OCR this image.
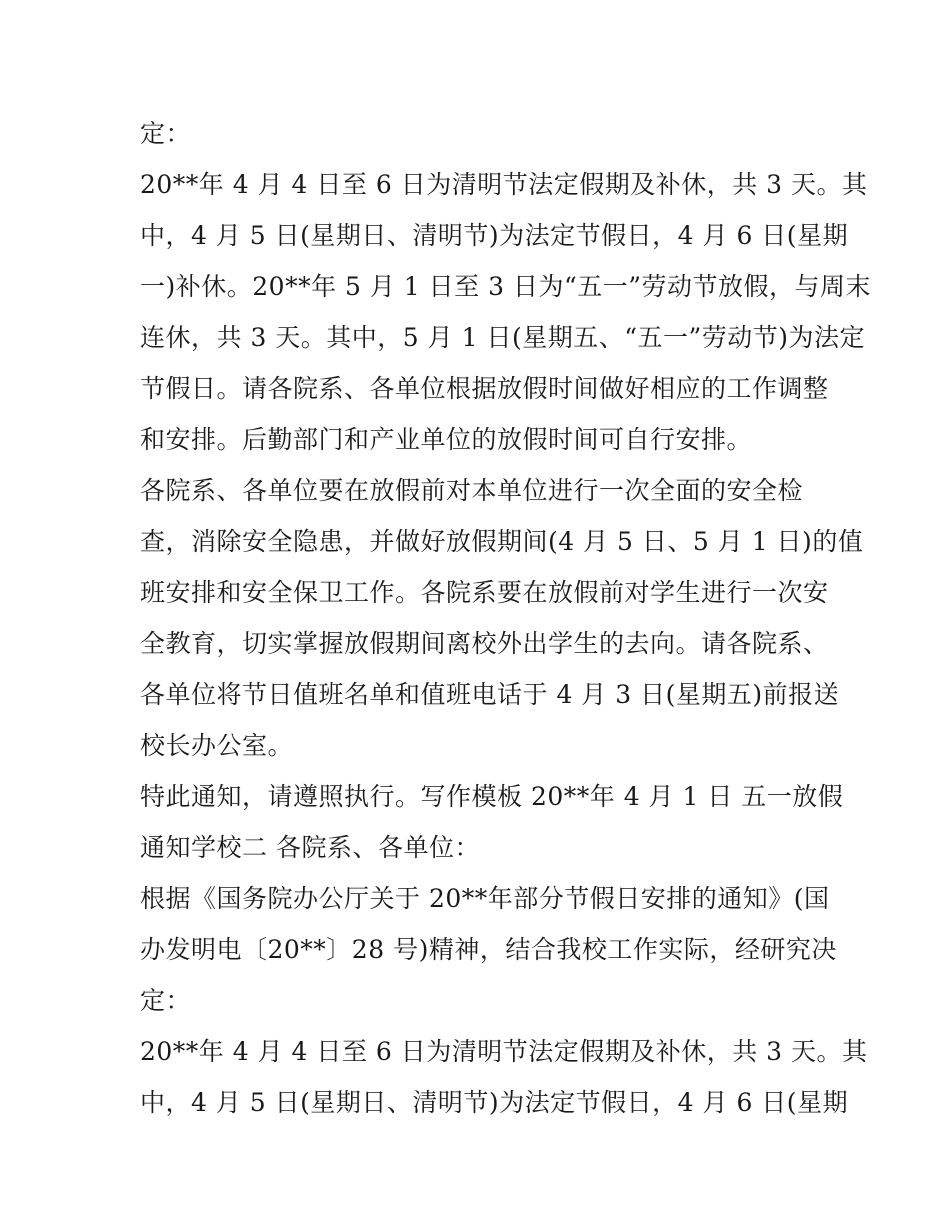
定：
20**年 4 月 4 日至 6 日为清明节法定假期及补休，共 3 天。其
中，4 月 5 日(星期日、清明节)为法定节假日，4 月 6 日(星期
一)补休。20**年 5 月 1 日至 3 日为“五一”劳动节放假，与周末
连休，共 3 天。其中，5 月 1 日(星期五、“五一”劳动节)为法定
节假日。请各院系、各单位根据放假时间做好相应的工作调整
和安排。后勤部门和产业单位的放假时间可自行安排。
各院系、各单位要在放假前对本单位进行一次全面的安全检
查，消除安全隐患，并做好放假期间(4 月 5 日、5 月 1 日)的值
班安排和安全保卫工作。各院系要在放假前对学生进行一次安
全教育，切实掌握放假期间离校外出学生的去向。请各院系、
各单位将节日值班名单和值班电话于 4 月 3 日(星期五)前报送
校长办公室。
特此通知，请遵照执行。写作模板 20**年 4 月 1 日 五一放假
通知学校二 各院系、各单位：
根据《国务院办公厅关于 20**年部分节假日安排的通知》(国
办发明电〔20**〕28 号)精神，结合我校工作实际，经研究决
定：
20**年 4 月 4 日至 6 日为清明节法定假期及补休，共 3 天。其
中，4 月 5 日(星期日、清明节)为法定节假日，4 月 6 日(星期
